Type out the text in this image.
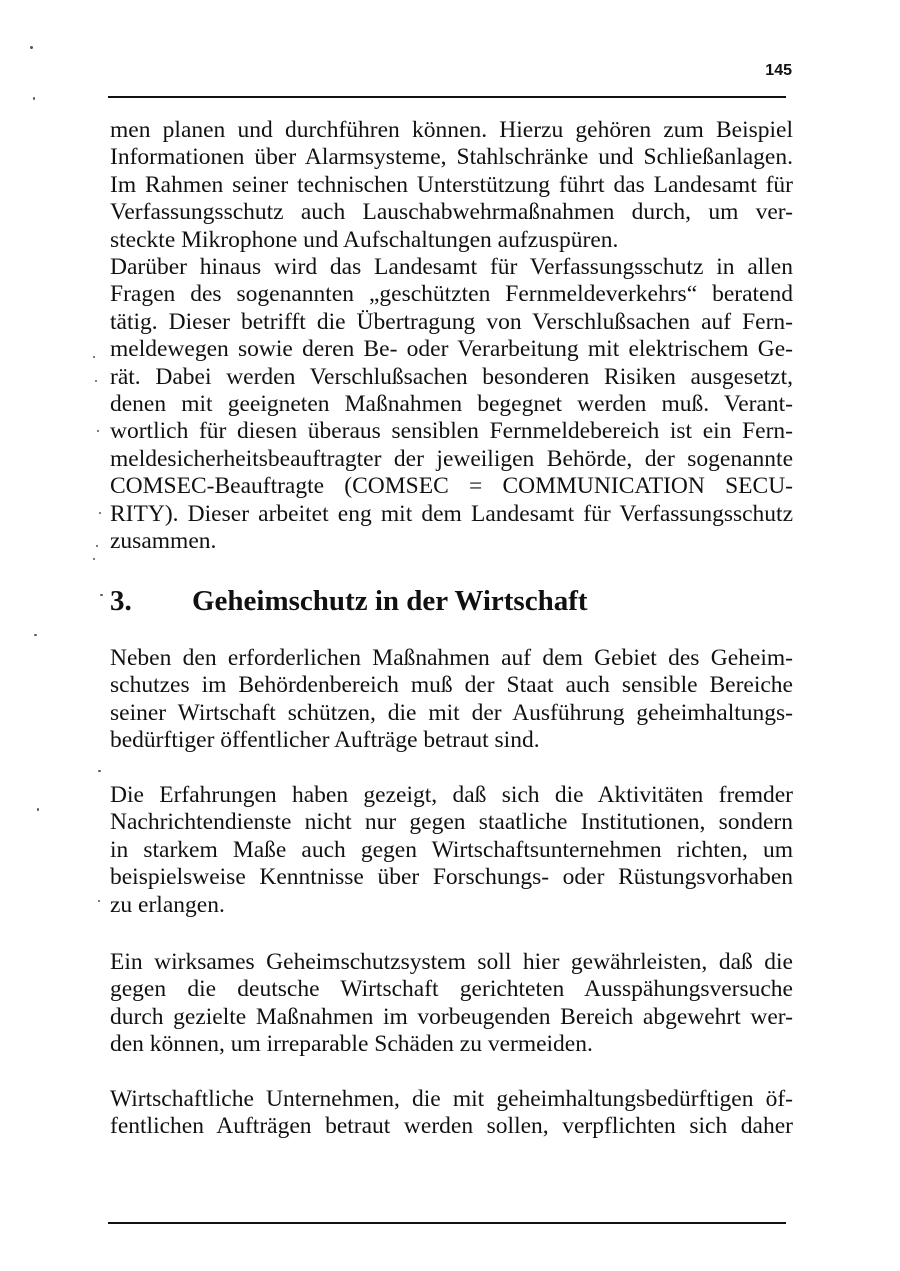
145
men planen und durchführen können. Hierzu gehören zum Beispiel
Informationen über Alarmsysteme, Stahlschränke und Schließanlagen.
Im Rahmen seiner technischen Unterstützung führt das Landesamt für
Verfassungsschutz auch Lauschabwehrmaßnahmen durch, um ver-
steckte Mikrophone und Aufschaltungen aufzuspüren.
Darüber hinaus wird das Landesamt für Verfassungsschutz in allen
Fragen des sogenannten „geschützten Fernmeldeverkehrs“ beratend
tätig. Dieser betrifft die Übertragung von Verschlußsachen auf Fern-
meldewegen sowie deren Be- oder Verarbeitung mit elektrischem Ge-
rät. Dabei werden Verschlußsachen besonderen Risiken ausgesetzt,
denen mit geeigneten Maßnahmen begegnet werden muß. Verant-
wortlich für diesen überaus sensiblen Fernmeldebereich ist ein Fern-
meldesicherheitsbeauftragter der jeweiligen Behörde, der sogenannte
COMSEC-Beauftragte (COMSEC = COMMUNICATION SECU-
RITY). Dieser arbeitet eng mit dem Landesamt für Verfassungsschutz
zusammen.
3. Geheimschutz in der Wirtschaft
Neben den erforderlichen Maßnahmen auf dem Gebiet des Geheim-
schutzes im Behördenbereich muß der Staat auch sensible Bereiche
seiner Wirtschaft schützen, die mit der Ausführung geheimhaltungs-
bedürftiger öffentlicher Aufträge betraut sind.
Die Erfahrungen haben gezeigt, daß sich die Aktivitäten fremder
Nachrichtendienste nicht nur gegen staatliche Institutionen, sondern
in starkem Maße auch gegen Wirtschaftsunternehmen richten, um
beispielsweise Kenntnisse über Forschungs- oder Rüstungsvorhaben
zu erlangen.
Ein wirksames Geheimschutzsystem soll hier gewährleisten, daß die
gegen die deutsche Wirtschaft gerichteten Ausspähungsversuche
durch gezielte Maßnahmen im vorbeugenden Bereich abgewehrt wer-
den können, um irreparable Schäden zu vermeiden.
Wirtschaftliche Unternehmen, die mit geheimhaltungsbedürftigen öf-
fentlichen Aufträgen betraut werden sollen, verpflichten sich daher
